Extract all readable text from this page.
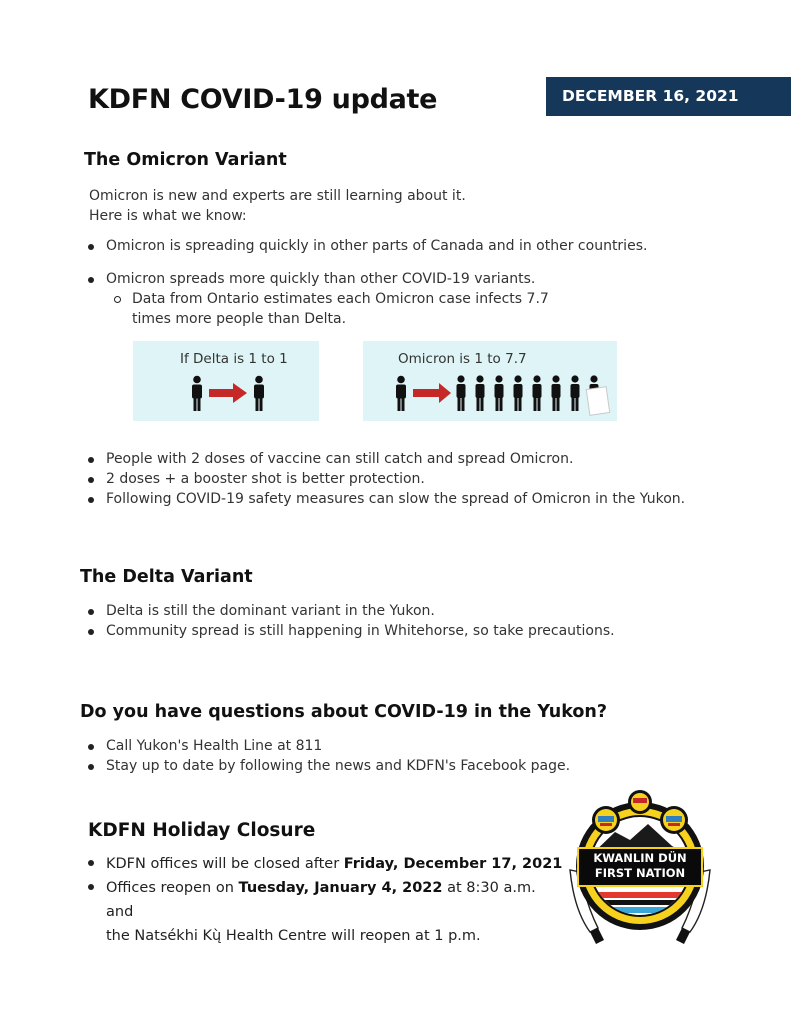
KDFN COVID-19 update	DECEMBER 16, 2021
The Omicron Variant
Omicron is new and experts are still learning about it.
Here is what we know:
Omicron is spreading quickly in other parts of Canada and in other countries.
Omicron spreads more quickly than other COVID-19 variants.
Data from Ontario estimates each Omicron case infects 7.7
times more people than Delta.
If Delta is 1 to 1	Omicron is 1 to 7.7
People with 2 doses of vaccine can still catch and spread Omicron.
2 doses + a booster shot is better protection.
Following COVID-19 safety measures can slow the spread of Omicron in the Yukon.
The Delta Variant
Delta is still the dominant variant in the Yukon.
Community spread is still happening in Whitehorse, so take precautions.
Do you have questions about COVID-19 in the Yukon?
Call Yukon's Health Line at 811
Stay up to date by following the news and KDFN's Facebook page.
KDFN Holiday Closure
KDFN offices will be closed after Friday, December 17, 2021
Offices reopen on Tuesday, January 4, 2022 at 8:30 a.m. and
the Natsékhi Kų̀ Health Centre will reopen at 1 p.m.
KWANLIN DÜN
FIRST NATION
